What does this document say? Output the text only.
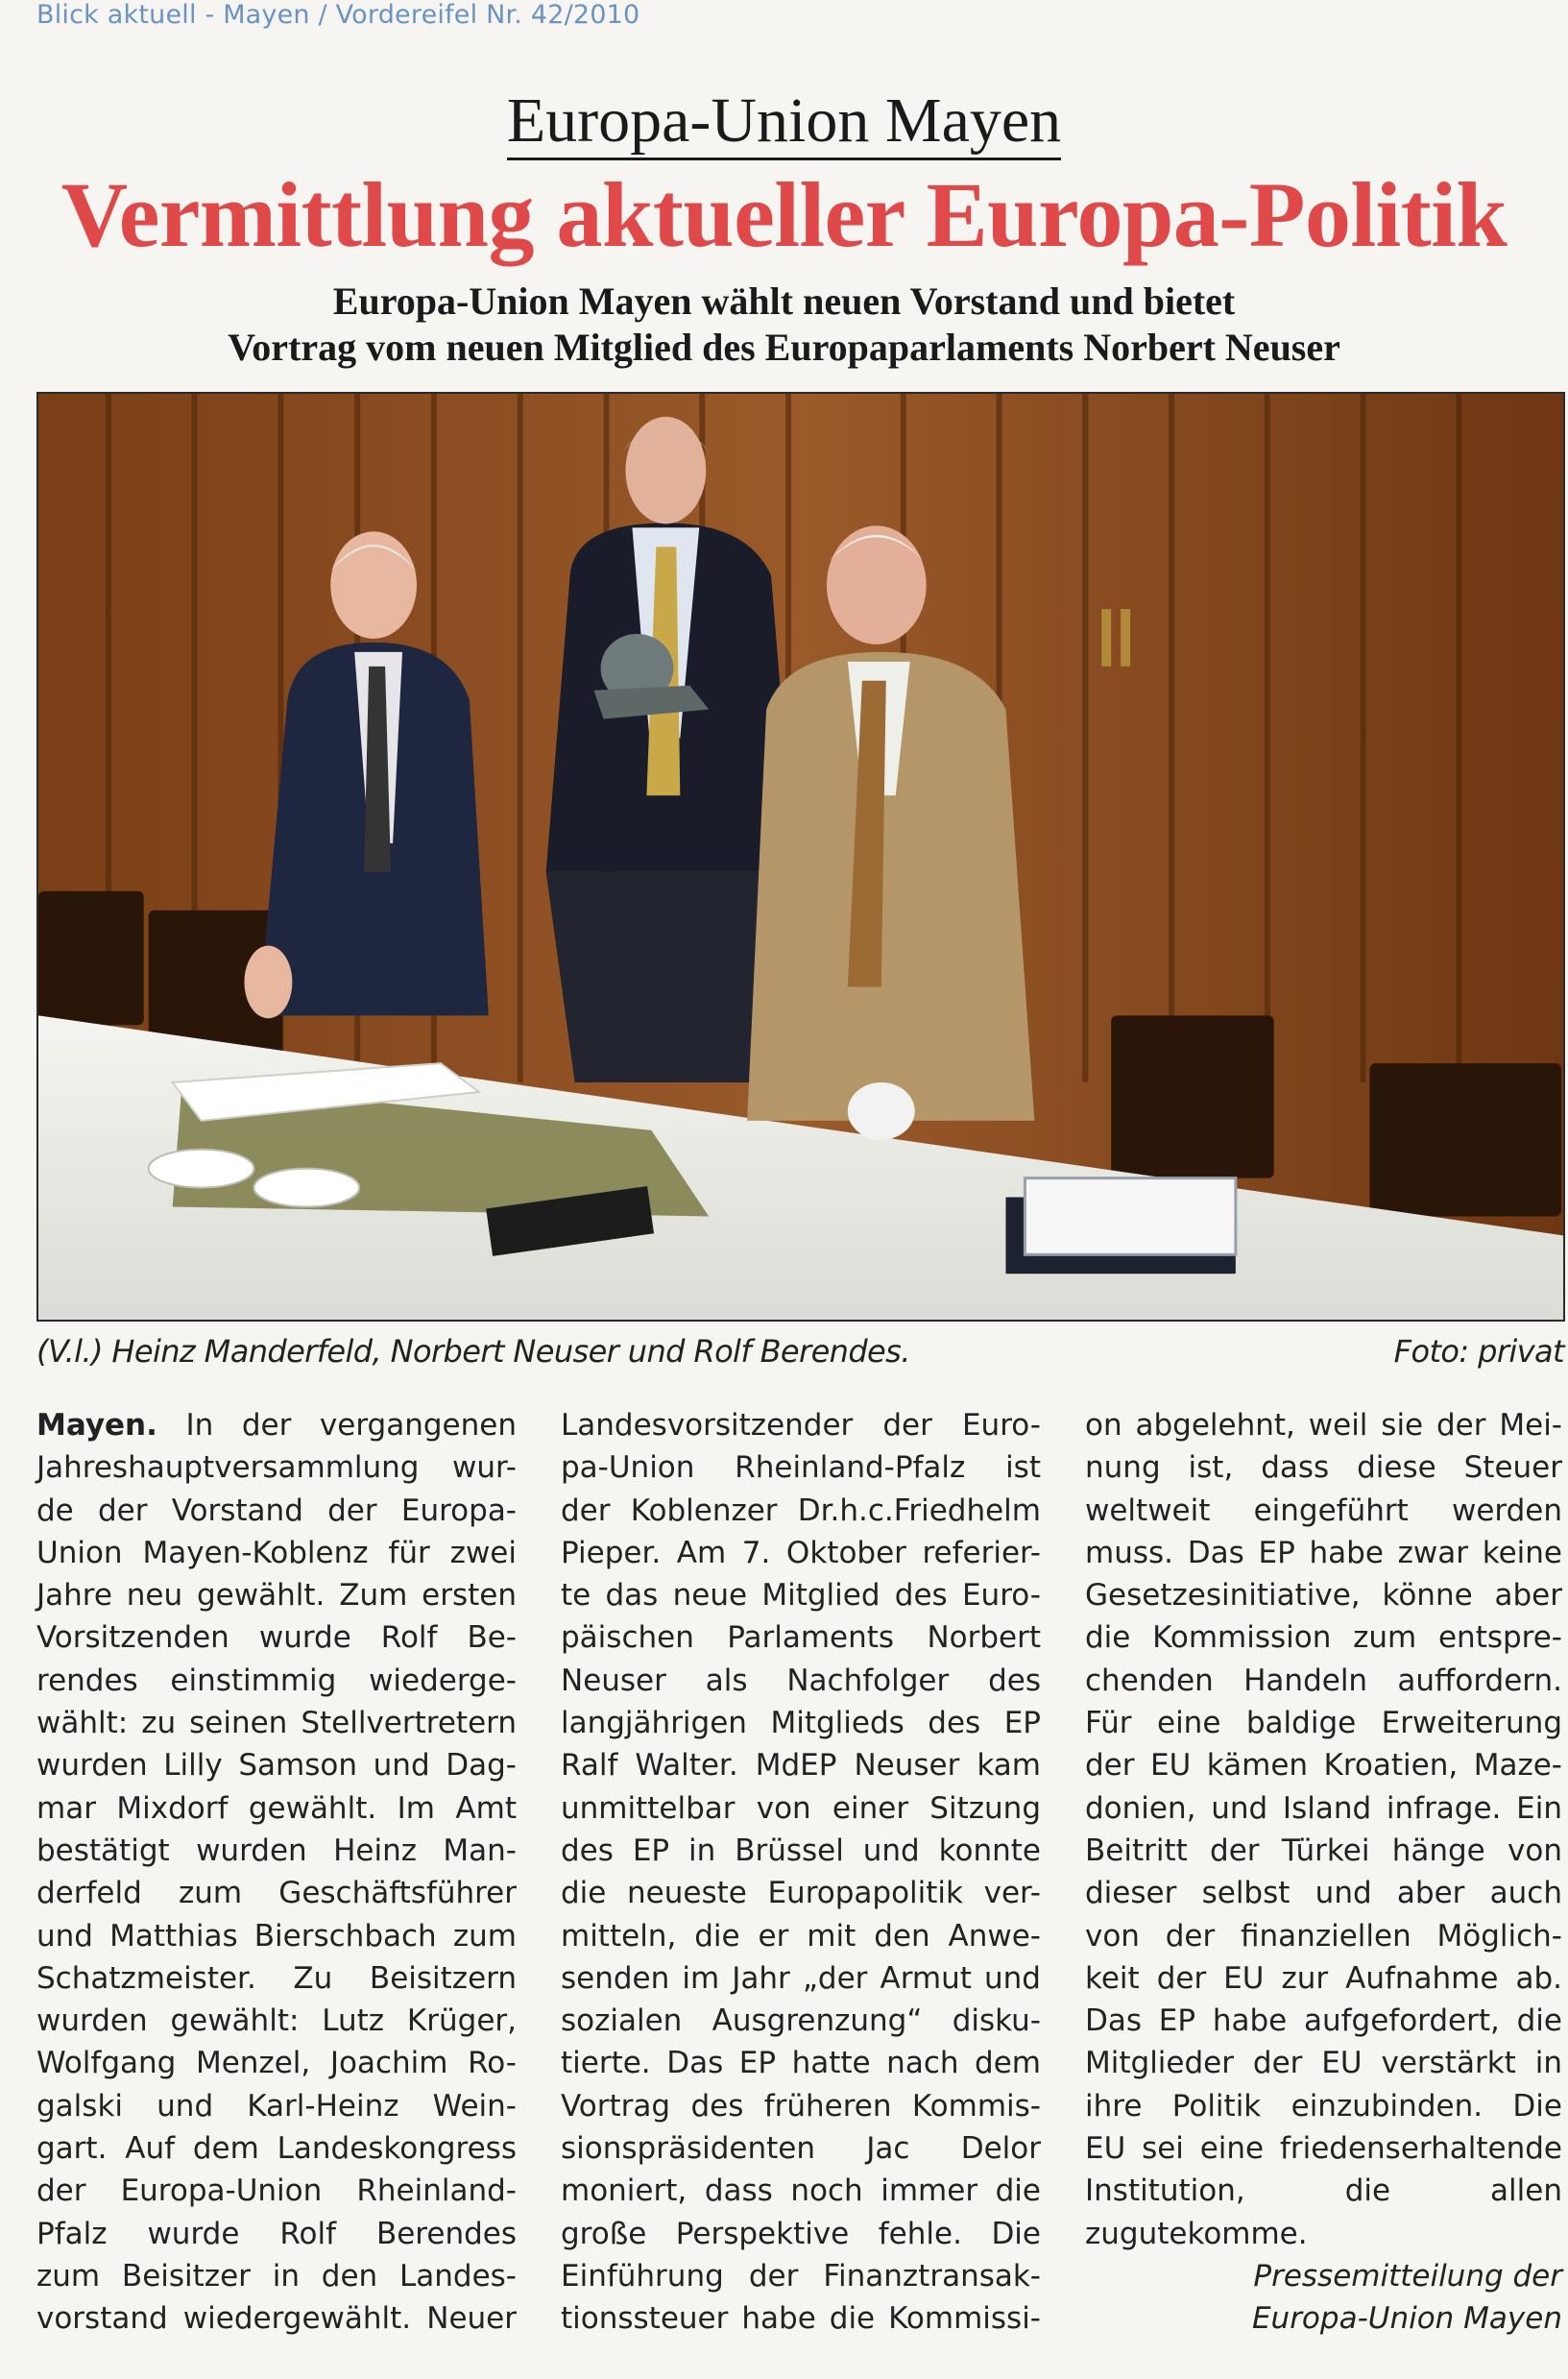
Blick aktuell - Mayen / Vordereifel Nr. 42/2010
Europa-Union Mayen
Vermittlung aktueller Europa-Politik
Europa-Union Mayen wählt neuen Vorstand und bietet
Vortrag vom neuen Mitglied des Europaparlaments Norbert Neuser
(V.l.) Heinz Manderfeld, Norbert Neuser und Rolf Berendes.	Foto: privat
Mayen. In der vergangenen
Jahreshauptversammlung wur-
de der Vorstand der Europa-
Union Mayen-Koblenz für zwei
Jahre neu gewählt. Zum ersten
Vorsitzenden wurde Rolf Be-
rendes einstimmig wiederge-
wählt: zu seinen Stellvertretern
wurden Lilly Samson und Dag-
mar Mixdorf gewählt. Im Amt
bestätigt wurden Heinz Man-
derfeld zum Geschäftsführer
und Matthias Bierschbach zum
Schatzmeister. Zu Beisitzern
wurden gewählt: Lutz Krüger,
Wolfgang Menzel, Joachim Ro-
galski und Karl-Heinz Wein-
gart. Auf dem Landeskongress
der Europa-Union Rheinland-
Pfalz wurde Rolf Berendes
zum Beisitzer in den Landes-
vorstand wiedergewählt. Neuer
Landesvorsitzender der Euro-
pa-Union Rheinland-Pfalz ist
der Koblenzer Dr.h.c.Friedhelm
Pieper. Am 7. Oktober referier-
te das neue Mitglied des Euro-
päischen Parlaments Norbert
Neuser als Nachfolger des
langjährigen Mitglieds des EP
Ralf Walter. MdEP Neuser kam
unmittelbar von einer Sitzung
des EP in Brüssel und konnte
die neueste Europapolitik ver-
mitteln, die er mit den Anwe-
senden im Jahr „der Armut und
sozialen Ausgrenzung“ disku-
tierte. Das EP hatte nach dem
Vortrag des früheren Kommis-
sionspräsidenten Jac Delor
moniert, dass noch immer die
große Perspektive fehle. Die
Einführung der Finanztransak-
tionssteuer habe die Kommissi-
on abgelehnt, weil sie der Mei-
nung ist, dass diese Steuer
weltweit eingeführt werden
muss. Das EP habe zwar keine
Gesetzesinitiative, könne aber
die Kommission zum entspre-
chenden Handeln auffordern.
Für eine baldige Erweiterung
der EU kämen Kroatien, Maze-
donien, und Island infrage. Ein
Beitritt der Türkei hänge von
dieser selbst und aber auch
von der finanziellen Möglich-
keit der EU zur Aufnahme ab.
Das EP habe aufgefordert, die
Mitglieder der EU verstärkt in
ihre Politik einzubinden. Die
EU sei eine friedenserhaltende
Institution, die allen
zugutekomme.
Pressemitteilung der
Europa-Union Mayen
